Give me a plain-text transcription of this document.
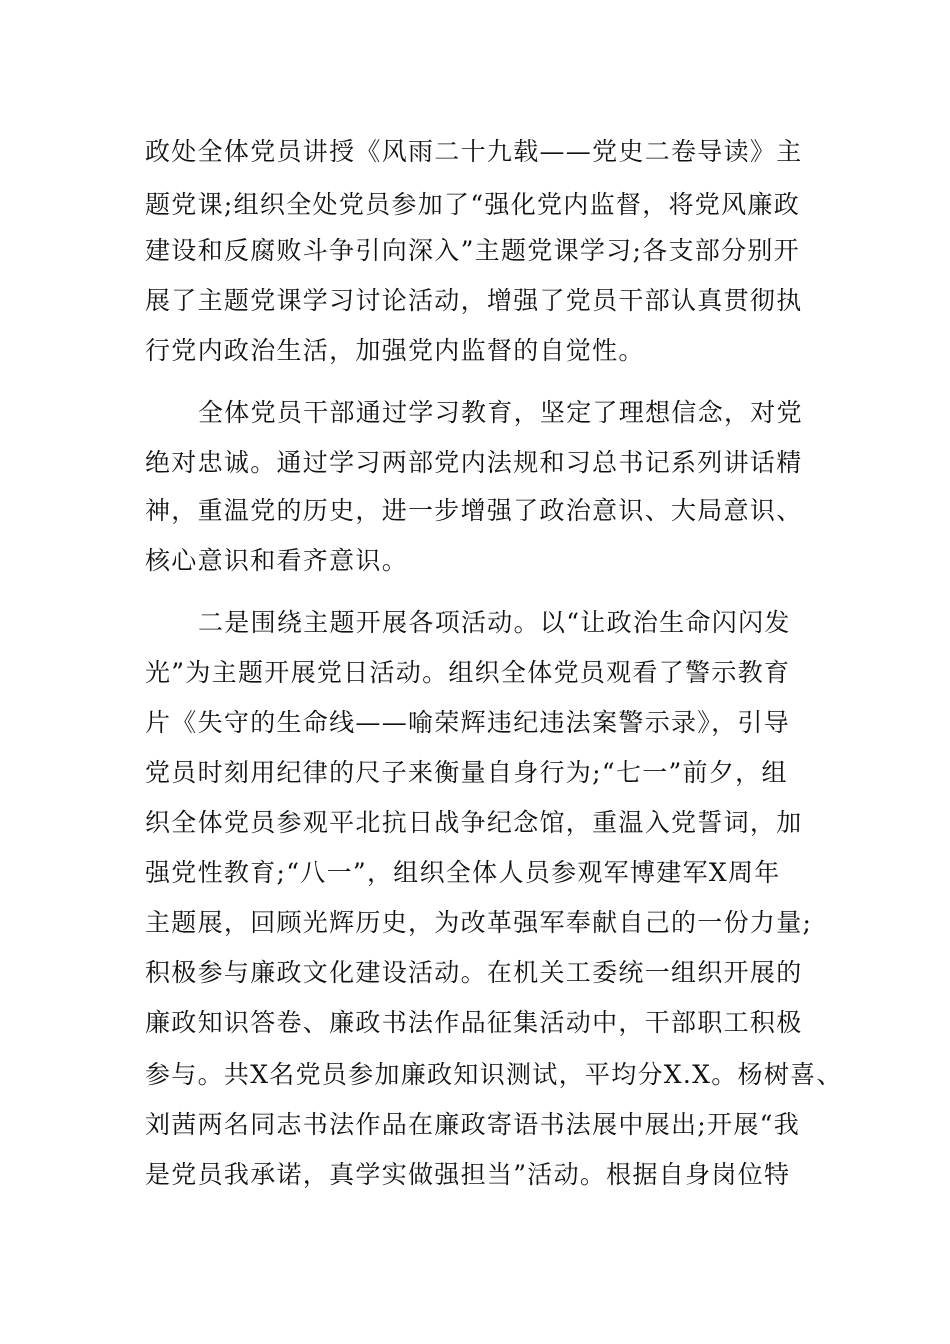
政处全体党员讲授《风雨二十九载——党史二卷导读》主
题党课;组织全处党员参加了“强化党内监督，将党风廉政
建设和反腐败斗争引向深入”主题党课学习;各支部分别开
展了主题党课学习讨论活动，增强了党员干部认真贯彻执
行党内政治生活，加强党内监督的自觉性。
全体党员干部通过学习教育，坚定了理想信念，对党
绝对忠诚。通过学习两部党内法规和习总书记系列讲话精
神，重温党的历史，进一步增强了政治意识、大局意识、
核心意识和看齐意识。
二是围绕主题开展各项活动。以“让政治生命闪闪发
光”为主题开展党日活动。组织全体党员观看了警示教育
片《失守的生命线——喻荣辉违纪违法案警示录》，引导
党员时刻用纪律的尺子来衡量自身行为;“七一”前夕，组
织全体党员参观平北抗日战争纪念馆，重温入党誓词，加
强党性教育;“八一”，组织全体人员参观军博建军X周年
主题展，回顾光辉历史，为改革强军奉献自己的一份力量;
积极参与廉政文化建设活动。在机关工委统一组织开展的
廉政知识答卷、廉政书法作品征集活动中，干部职工积极
参与。共X名党员参加廉政知识测试，平均分X.X。杨树喜、
刘茜两名同志书法作品在廉政寄语书法展中展出;开展“我
是党员我承诺，真学实做强担当”活动。根据自身岗位特
